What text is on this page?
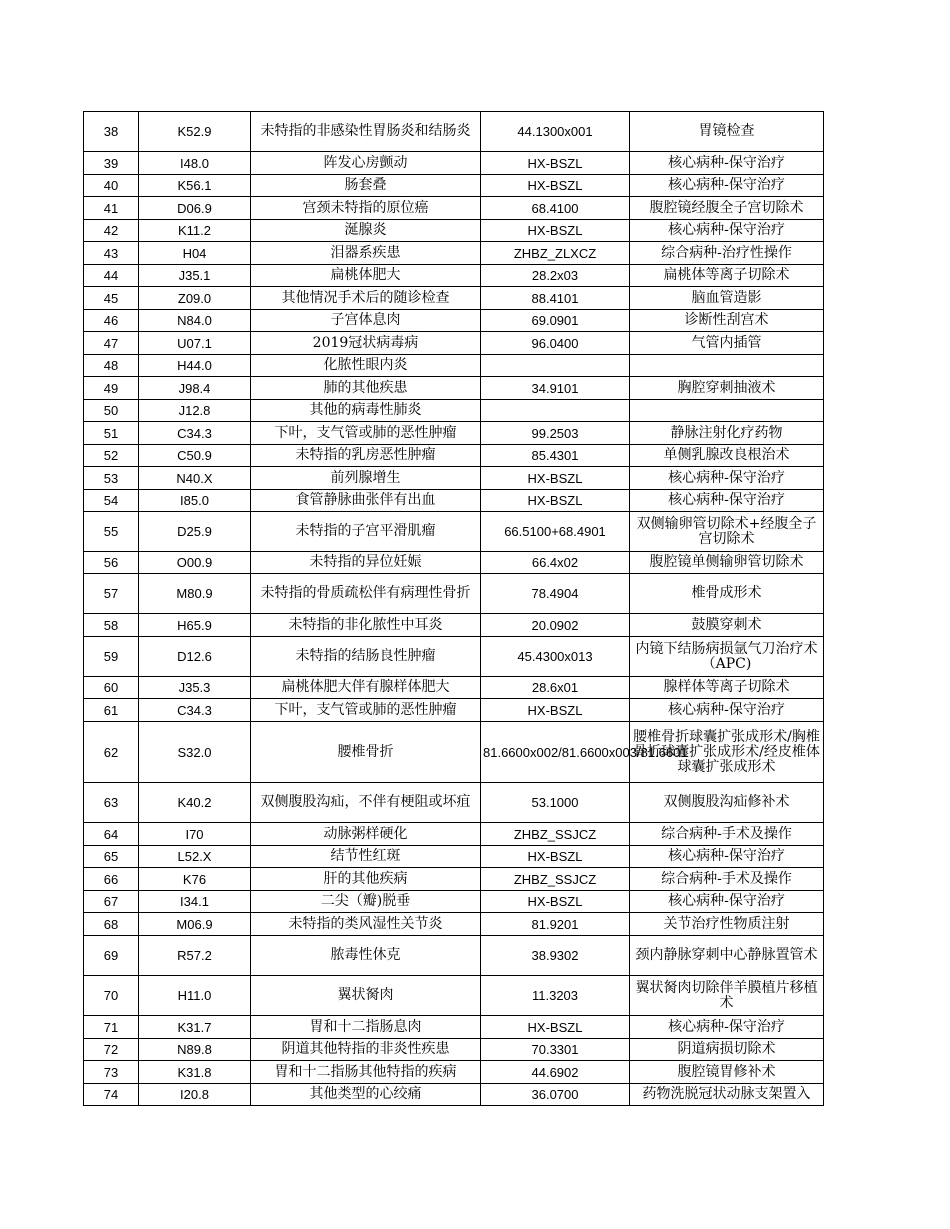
38	K52.9	未特指的非感染性胃肠炎和结肠炎	44.1300x001	胃镜检查
39	I48.0	阵发心房颤动	HX-BSZL	核心病种-保守治疗
40	K56.1	肠套叠	HX-BSZL	核心病种-保守治疗
41	D06.9	宫颈未特指的原位癌	68.4100	腹腔镜经腹全子宫切除术
42	K11.2	涎腺炎	HX-BSZL	核心病种-保守治疗
43	H04	泪器系疾患	ZHBZ_ZLXCZ	综合病种-治疗性操作
44	J35.1	扁桃体肥大	28.2x03	扁桃体等离子切除术
45	Z09.0	其他情况手术后的随诊检查	88.4101	脑血管造影
46	N84.0	子宫体息肉	69.0901	诊断性刮宫术
47	U07.1	2019冠状病毒病	96.0400	气管内插管
48	H44.0	化脓性眼内炎		
49	J98.4	肺的其他疾患	34.9101	胸腔穿刺抽液术
50	J12.8	其他的病毒性肺炎		
51	C34.3	下叶，支气管或肺的恶性肿瘤	99.2503	静脉注射化疗药物
52	C50.9	未特指的乳房恶性肿瘤	85.4301	单侧乳腺改良根治术
53	N40.X	前列腺增生	HX-BSZL	核心病种-保守治疗
54	I85.0	食管静脉曲张伴有出血	HX-BSZL	核心病种-保守治疗
55	D25.9	未特指的子宫平滑肌瘤	66.5100+68.4901	双侧输卵管切除术+经腹全子宫切除术
56	O00.9	未特指的异位妊娠	66.4x02	腹腔镜单侧输卵管切除术
57	M80.9	未特指的骨质疏松伴有病理性骨折	78.4904	椎骨成形术
58	H65.9	未特指的非化脓性中耳炎	20.0902	鼓膜穿刺术
59	D12.6	未特指的结肠良性肿瘤	45.4300x013	内镜下结肠病损氩气刀治疗术（APC)
60	J35.3	扁桃体肥大伴有腺样体肥大	28.6x01	腺样体等离子切除术
61	C34.3	下叶，支气管或肺的恶性肿瘤	HX-BSZL	核心病种-保守治疗
62	S32.0	腰椎骨折	81.6600x002/81.6600x003/81.6601	腰椎骨折球囊扩张成形术/胸椎骨折球囊扩张成形术/经皮椎体球囊扩张成形术
63	K40.2	双侧腹股沟疝，不伴有梗阻或坏疽	53.1000	双侧腹股沟疝修补术
64	I70	动脉粥样硬化	ZHBZ_SSJCZ	综合病种-手术及操作
65	L52.X	结节性红斑	HX-BSZL	核心病种-保守治疗
66	K76	肝的其他疾病	ZHBZ_SSJCZ	综合病种-手术及操作
67	I34.1	二尖（瓣)脱垂	HX-BSZL	核心病种-保守治疗
68	M06.9	未特指的类风湿性关节炎	81.9201	关节治疗性物质注射
69	R57.2	脓毒性休克	38.9302	颈内静脉穿刺中心静脉置管术
70	H11.0	翼状胬肉	11.3203	翼状胬肉切除伴羊膜植片移植术
71	K31.7	胃和十二指肠息肉	HX-BSZL	核心病种-保守治疗
72	N89.8	阴道其他特指的非炎性疾患	70.3301	阴道病损切除术
73	K31.8	胃和十二指肠其他特指的疾病	44.6902	腹腔镜胃修补术
74	I20.8	其他类型的心绞痛	36.0700	药物洗脱冠状动脉支架置入
